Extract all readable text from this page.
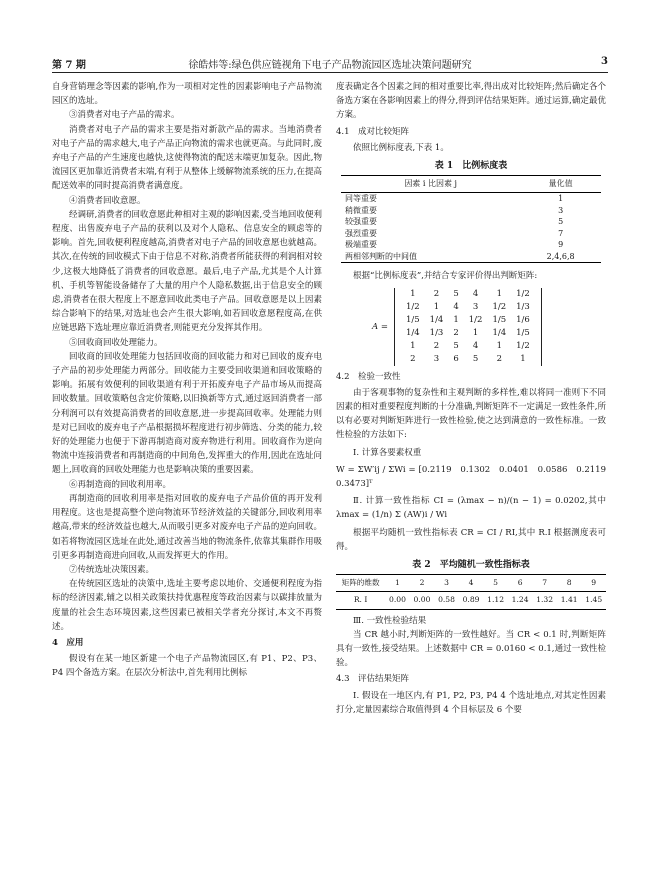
第 7 期	徐皓炜等:绿色供应链视角下电子产品物流园区选址决策问题研究	3

自身营销理念等因素的影响,作为一项相对定性的因素影响电子产品物流园区的选址。

③消费者对电子产品的需求。

消费者对电子产品的需求主要是指对新款产品的需求。当地消费者对电子产品的需求越大,电子产品正向物流的需求也就更高。与此同时,废弃电子产品的产生速度也越快,这使得物流的配送末端更加复杂。因此,物流园区更加靠近消费者末端,有利于从整体上缓解物流系统的压力,在提高配送效率的同时提高消费者满意度。

④消费者回收意愿。

经调研,消费者的回收意愿此种相对主观的影响因素,受当地回收便利程度、出售废弃电子产品的获利以及对个人隐私、信息安全的顾虑等的影响。首先,回收便利程度越高,消费者对电子产品的回收意愿也就越高。其次,在传统的回收模式下由于信息不对称,消费者所能获得的利润相对较少,这极大地降低了消费者的回收意愿。最后,电子产品,尤其是个人计算机、手机等智能设备储存了大量的用户个人隐私数据,出于信息安全的顾虑,消费者在很大程度上不愿意回收此类电子产品。回收意愿是以上因素综合影响下的结果,对选址也会产生很大影响,如若回收意愿程度高,在供应链思路下选址理应靠近消费者,则能更充分发挥其作用。

⑤回收商回收处理能力。

回收商的回收处理能力包括回收商的回收能力和对已回收的废弃电子产品的初步处理能力两部分。回收能力主要受回收渠道和回收策略的影响。拓展有效便利的回收渠道有利于开拓废弃电子产品市场从而提高回收数量。回收策略包含定价策略,以旧换新等方式,通过返回消费者一部分利润可以有效提高消费者的回收意愿,进一步提高回收率。处理能力则是对已回收的废弃电子产品根据损坏程度进行初步筛选、分类的能力,较好的处理能力也便于下游再制造商对废弃物进行利用。回收商作为逆向物流中连接消费者和再制造商的中间角色,发挥重大的作用,因此在选址问题上,回收商的回收处理能力也是影响决策的重要因素。

⑥再制造商的回收利用率。

再制造商的回收利用率是指对回收的废弃电子产品价值的再开发利用程度。这也是提高整个逆向物流环节经济效益的关键部分,回收利用率越高,带来的经济效益也越大,从而吸引更多对废弃电子产品的逆向回收。如若将物流园区选址在此处,通过改善当地的物流条件,依靠其集群作用吸引更多再制造商进向回收,从而发挥更大的作用。

⑦传统选址决策因素。

在传统园区选址的决策中,选址主要考虑以地价、交通便利程度为指标的经济因素,辅之以相关政策扶持优惠程度等政治因素与以碳排放量为度量的社会生态环境因素,这些因素已被相关学者充分探讨,本文不再赘述。

4　应用

假设有在某一地区新建一个电子产品物流园区,有 P1、P2、P3、P4 四个备选方案。在层次分析法中,首先利用比例标

度表确定各个因素之间的相对重要比率,得出成对比较矩阵;然后确定各个备选方案在各影响因素上的得分,得到评估结果矩阵。通过运算,确定最优方案。

4.1　成对比较矩阵

依照比例标度表,下表 1。

表 1　比例标度表
因素 i 比因素 j	量化值
同等重要	1
稍微重要	3
较强重要	5
强烈重要	7
极端重要	9
两相邻判断的中间值	2,4,6,8

根据“比例标度表”,并结合专家评价得出判断矩阵:

A =
1	2	5	4	1	1/2
1/2	1	4	3	1/2	1/3
1/5	1/4	1	1/2	1/5	1/6
1/4	1/3	2	1	1/4	1/5
1	2	5	4	1	1/2
2	3	6	5	2	1

4.2　检验一致性

由于客观事物的复杂性和主观判断的多样性,难以将同一准则下不同因素的相对重要程度判断的十分准确,判断矩阵不一定满足一致性条件,所以有必要对判断矩阵进行一致性检验,使之达到满意的一致性标准。一致性检验的方法如下:

Ⅰ. 计算各要素权重

W = ΣW′ij / ΣWi = [0.2119　0.1302　0.0401　0.0586　0.2119　0.3473]ᵀ

Ⅱ. 计算一致性指标 CI = (λmax − n)/(n − 1) = 0.0202,其中 λmax = (1/n) Σ (AW)i / Wi

根据平均随机一致性指标表 CR = CI / RI,其中 R.I 根据测度表可得。

表 2　平均随机一致性指标表
矩阵的维数	1	2	3	4	5	6	7	8	9
R. I	0.00	0.00	0.58	0.89	1.12	1.24	1.32	1.41	1.45

Ⅲ. 一致性检验结果

当 CR 越小时,判断矩阵的一致性越好。当 CR < 0.1 时,判断矩阵具有一致性,接受结果。上述数据中 CR = 0.0160 < 0.1,通过一致性检验。

4.3　评估结果矩阵

Ⅰ. 假设在一地区内,有 P1, P2, P3, P4 4 个选址地点,对其定性因素打分,定量因素综合取值得到 4 个目标层及 6 个要
